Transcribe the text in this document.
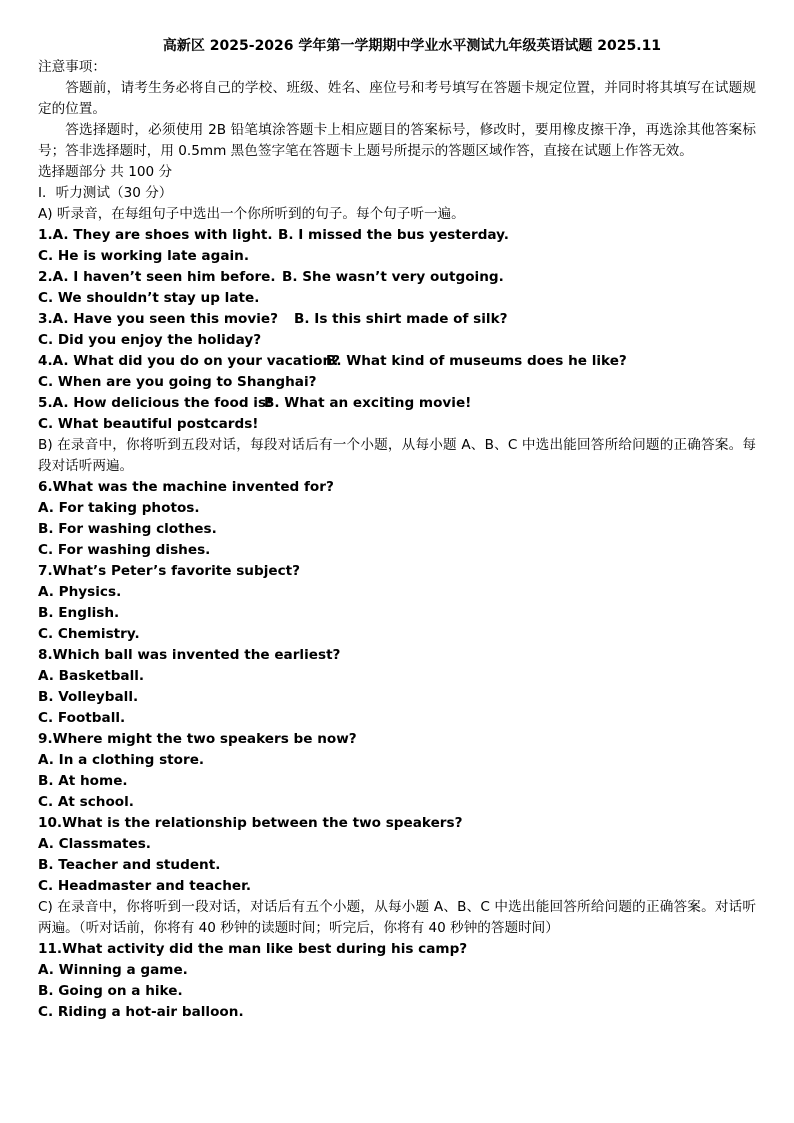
高新区 2025-2026 学年第一学期期中学业水平测试九年级英语试题 2025.11
注意事项：
答题前，请考生务必将自己的学校、班级、姓名、座位号和考号填写在答题卡规定位置，并同时将其填写在试题规定的位置。
答选择题时，必须使用 2B 铅笔填涂答题卡上相应题目的答案标号，修改时，要用橡皮擦干净，再选涂其他答案标号；答非选择题时，用 0.5mm 黑色签字笔在答题卡上题号所提示的答题区域作答，直接在试题上作答无效。
选择题部分 共 100 分
Ⅰ．听力测试（30 分）
A) 听录音，在每组句子中选出一个你所听到的句子。每个句子听一遍。
1.A. They are shoes with light. B. I missed the bus yesterday.
C. He is working late again.
2.A. I haven’t seen him before. B. She wasn’t very outgoing.
C. We shouldn’t stay up late.
3.A. Have you seen this movie?	B. Is this shirt made of silk?
C. Did you enjoy the holiday?
4.A. What did you do on your vacation?
B. What kind of museums does he like?
C. When are you going to Shanghai?
5.A. How delicious the food is!
B. What an exciting movie!
C. What beautiful postcards!
B) 在录音中，你将听到五段对话，每段对话后有一个小题，从每小题 A、B、C 中选出能回答所给问题的正确答案。每段对话听两遍。
6.What was the machine invented for?
A. For taking photos.
B. For washing clothes.
C. For washing dishes.
7.What’s Peter’s favorite subject?
A. Physics.
B. English.
C. Chemistry.
8.Which ball was invented the earliest?
A. Basketball.
B. Volleyball.
C. Football.
9.Where might the two speakers be now?
A. In a clothing store.
B. At home.
C. At school.
10.What is the relationship between the two speakers?
A. Classmates.
B. Teacher and student.
C. Headmaster and teacher.
C) 在录音中，你将听到一段对话，对话后有五个小题，从每小题 A、B、C 中选出能回答所给问题的正确答案。对话听两遍。（听对话前，你将有 40 秒钟的读题时间；听完后，你将有 40 秒钟的答题时间）
11.What activity did the man like best during his camp?
A. Winning a game.
B. Going on a hike.
C. Riding a hot-air balloon.
